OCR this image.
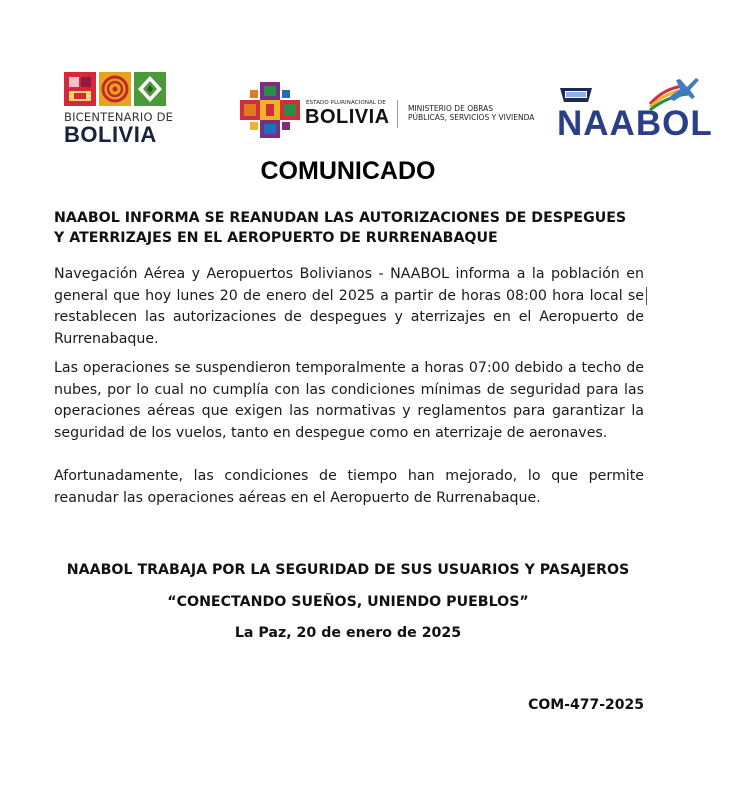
BICENTENARIO DE
BOLIVIA
ESTADO PLURINACIONAL DE
BOLIVIA MINISTERIO DE OBRAS
PÚBLICAS, SERVICIOS Y VIVIENDA NAABOL
COMUNICADO
NAABOL INFORMA SE REANUDAN LAS AUTORIZACIONES DE DESPEGUES
Y ATERRIZAJES EN EL AEROPUERTO DE RURRENABAQUE
Navegación Aérea y Aeropuertos Bolivianos - NAABOL informa a la población en general que hoy lunes 20 de enero del 2025 a partir de horas 08:00 hora local se restablecen las autorizaciones de despegues y aterrizajes en el Aeropuerto de Rurrenabaque.
Las operaciones se suspendieron temporalmente a horas 07:00 debido a techo de nubes, por lo cual no cumplía con las condiciones mínimas de seguridad para las operaciones aéreas que exigen las normativas y reglamentos para garantizar la seguridad de los vuelos, tanto en despegue como en aterrizaje de aeronaves.
Afortunadamente, las condiciones de tiempo han mejorado, lo que permite reanudar las operaciones aéreas en el Aeropuerto de Rurrenabaque.
NAABOL TRABAJA POR LA SEGURIDAD DE SUS USUARIOS Y PASAJEROS
“CONECTANDO SUEÑOS, UNIENDO PUEBLOS”
La Paz, 20 de enero de 2025
COM-477-2025
